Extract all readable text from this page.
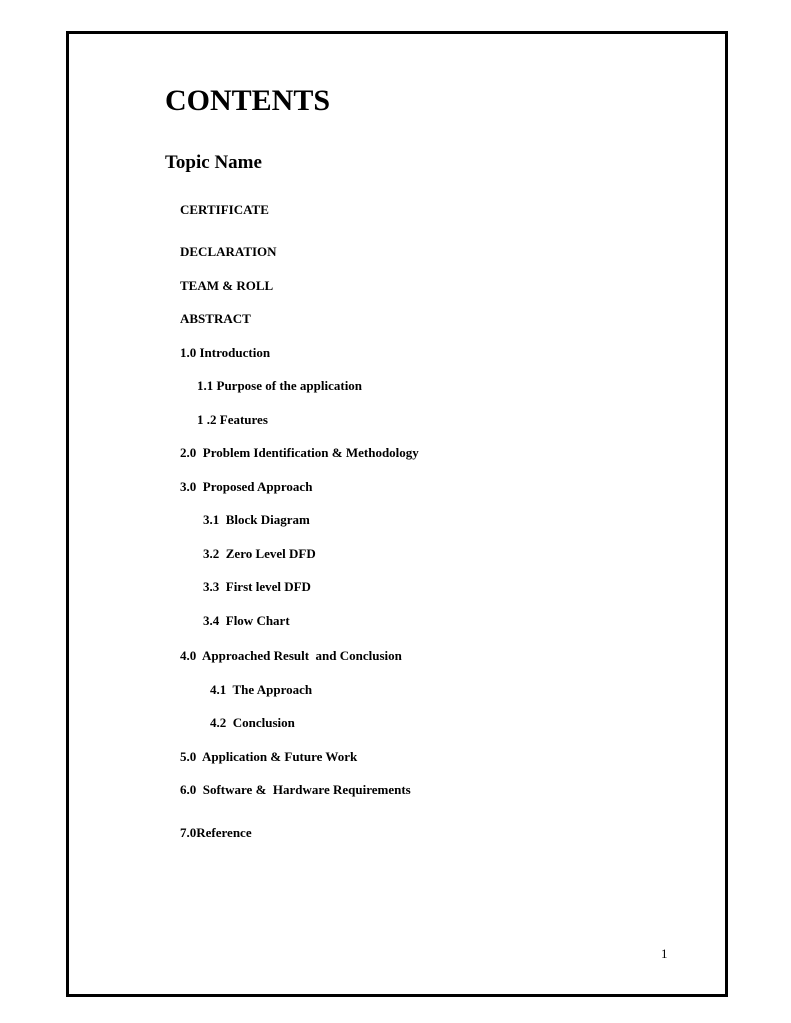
CONTENTS
Topic Name
CERTIFICATE
DECLARATION
TEAM & ROLL
ABSTRACT
1.0 Introduction
1.1 Purpose of the application
1 .2 Features
2.0  Problem Identification & Methodology
3.0  Proposed Approach
3.1  Block Diagram
3.2  Zero Level DFD
3.3  First level DFD
3.4  Flow Chart
4.0  Approached Result  and Conclusion
4.1  The Approach
4.2  Conclusion
5.0  Application & Future Work
6.0  Software &  Hardware Requirements
7.0Reference
1
